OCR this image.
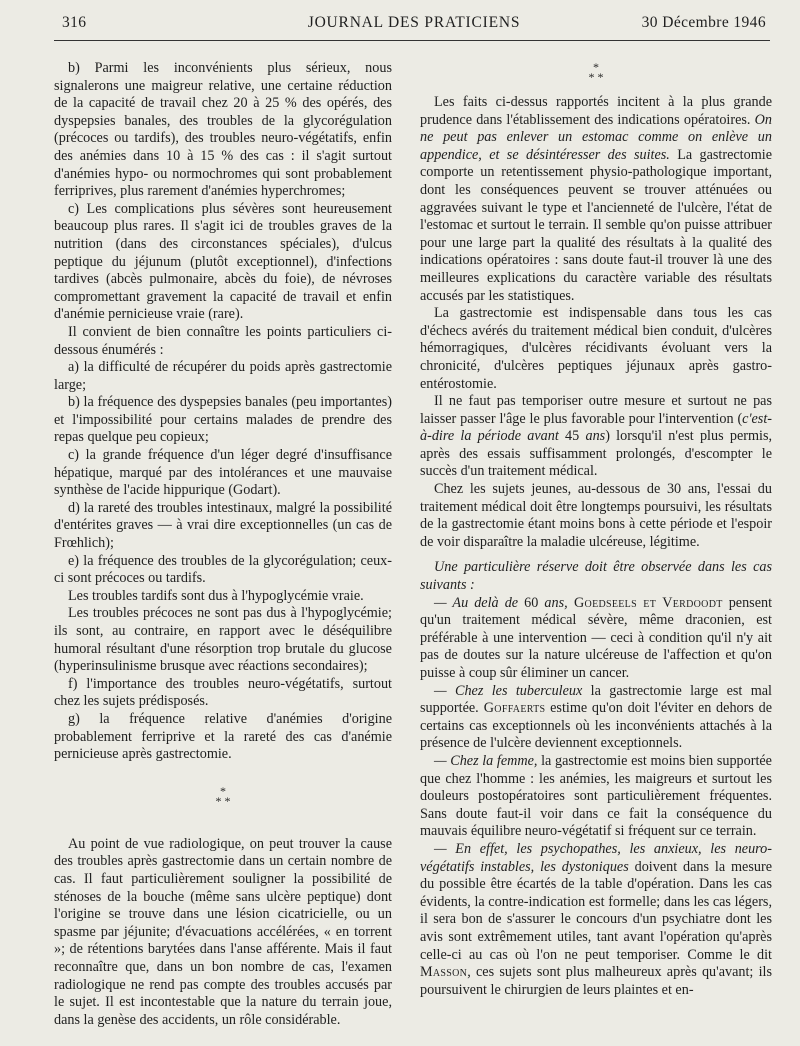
316	JOURNAL DES PRATICIENS	30 Décembre 1946

b) Parmi les inconvénients plus sérieux, nous signalerons une maigreur relative, une certaine réduction de la capacité de travail chez 20 à 25 % des opérés, des dyspepsies banales, des troubles de la glycorégulation (précoces ou tardifs), des troubles neuro-végétatifs, enfin des anémies dans 10 à 15 % des cas : il s'agit surtout d'anémies hypo- ou normochromes qui sont probablement ferriprives, plus rarement d'anémies hyperchromes;

c) Les complications plus sévères sont heureusement beaucoup plus rares. Il s'agit ici de troubles graves de la nutrition (dans des circonstances spéciales), d'ulcus peptique du jéjunum (plutôt exceptionnel), d'infections tardives (abcès pulmonaire, abcès du foie), de névroses compromettant gravement la capacité de travail et enfin d'anémie pernicieuse vraie (rare).

Il convient de bien connaître les points particuliers ci-dessous énumérés :

a) la difficulté de récupérer du poids après gastrectomie large;

b) la fréquence des dyspepsies banales (peu importantes) et l'impossibilité pour certains malades de prendre des repas quelque peu copieux;

c) la grande fréquence d'un léger degré d'insuffisance hépatique, marqué par des intolérances et une mauvaise synthèse de l'acide hippurique (Godart).

d) la rareté des troubles intestinaux, malgré la possibilité d'entérites graves — à vrai dire exceptionnelles (un cas de Frœhlich);

e) la fréquence des troubles de la glycorégulation; ceux-ci sont précoces ou tardifs.

Les troubles tardifs sont dus à l'hypoglycémie vraie.

Les troubles précoces ne sont pas dus à l'hypoglycémie; ils sont, au contraire, en rapport avec le déséquilibre humoral résultant d'une résorption trop brutale du glucose (hyperinsulinisme brusque avec réactions secondaires);

f) l'importance des troubles neuro-végétatifs, surtout chez les sujets prédisposés.

g) la fréquence relative d'anémies d'origine probablement ferriprive et la rareté des cas d'anémie pernicieuse après gastrectomie.

*
* *

Au point de vue radiologique, on peut trouver la cause des troubles après gastrectomie dans un certain nombre de cas. Il faut particulièrement souligner la possibilité de sténoses de la bouche (même sans ulcère peptique) dont l'origine se trouve dans une lésion cicatricielle, ou un spasme par jéjunite; d'évacuations accélérées, « en torrent »; de rétentions barytées dans l'anse afférente. Mais il faut reconnaître que, dans un bon nombre de cas, l'examen radiologique ne rend pas compte des troubles accusés par le sujet. Il est incontestable que la nature du terrain joue, dans la genèse des accidents, un rôle considérable.

*
* *

Les faits ci-dessus rapportés incitent à la plus grande prudence dans l'établissement des indications opératoires. On ne peut pas enlever un estomac comme on enlève un appendice, et se désintéresser des suites. La gastrectomie comporte un retentissement physio-pathologique important, dont les conséquences peuvent se trouver atténuées ou aggravées suivant le type et l'ancienneté de l'ulcère, l'état de l'estomac et surtout le terrain. Il semble qu'on puisse attribuer pour une large part la qualité des résultats à la qualité des indications opératoires : sans doute faut-il trouver là une des meilleures explications du caractère variable des résultats accusés par les statistiques.

La gastrectomie est indispensable dans tous les cas d'échecs avérés du traitement médical bien conduit, d'ulcères hémorragiques, d'ulcères récidivants évoluant vers la chronicité, d'ulcères peptiques jéjunaux après gastro-entérostomie.

Il ne faut pas temporiser outre mesure et surtout ne pas laisser passer l'âge le plus favorable pour l'intervention (c'est-à-dire la période avant 45 ans) lorsqu'il n'est plus permis, après des essais suffisamment prolongés, d'escompter le succès d'un traitement médical.

Chez les sujets jeunes, au-dessous de 30 ans, l'essai du traitement médical doit être longtemps poursuivi, les résultats de la gastrectomie étant moins bons à cette période et l'espoir de voir disparaître la maladie ulcéreuse, légitime.

Une particulière réserve doit être observée dans les cas suivants :

— Au delà de 60 ans, Goedseels et Verdoodt pensent qu'un traitement médical sévère, même draconien, est préférable à une intervention — ceci à condition qu'il n'y ait pas de doutes sur la nature ulcéreuse de l'affection et qu'on puisse à coup sûr éliminer un cancer.

— Chez les tuberculeux la gastrectomie large est mal supportée. Goffaerts estime qu'on doit l'éviter en dehors de certains cas exceptionnels où les inconvénients attachés à la présence de l'ulcère deviennent exceptionnels.

— Chez la femme, la gastrectomie est moins bien supportée que chez l'homme : les anémies, les maigreurs et surtout les douleurs postopératoires sont particulièrement fréquentes. Sans doute faut-il voir dans ce fait la conséquence du mauvais équilibre neuro-végétatif si fréquent sur ce terrain.

— En effet, les psychopathes, les anxieux, les neuro-végétatifs instables, les dystoniques doivent dans la mesure du possible être écartés de la table d'opération. Dans les cas évidents, la contre-indication est formelle; dans les cas légers, il sera bon de s'assurer le concours d'un psychiatre dont les avis sont extrêmement utiles, tant avant l'opération qu'après celle-ci au cas où l'on ne peut temporiser. Comme le dit Masson, ces sujets sont plus malheureux après qu'avant; ils poursuivent le chirurgien de leurs plaintes et en-
